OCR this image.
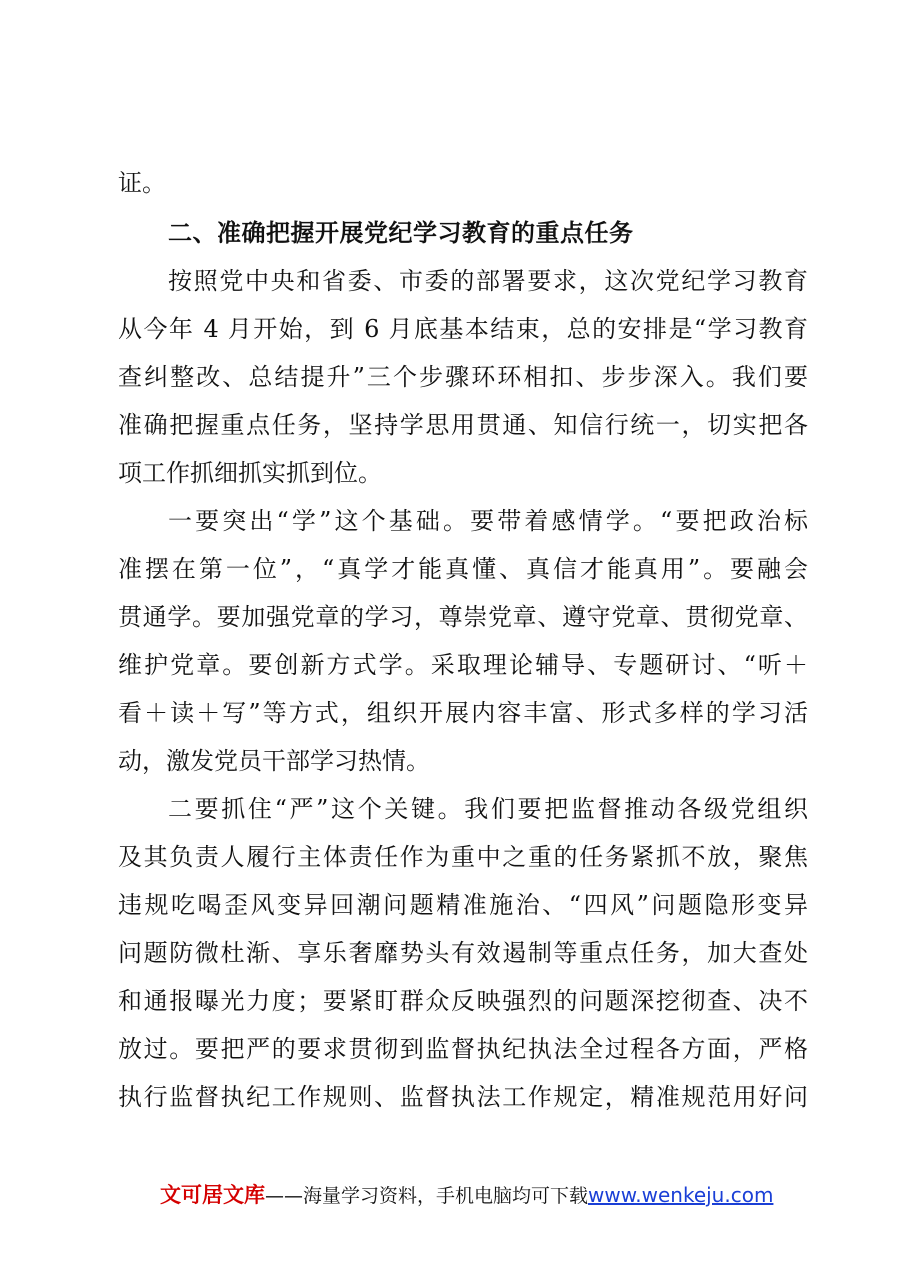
证。
二、准确把握开展党纪学习教育的重点任务
按照党中央和省委、市委的部署要求，这次党纪学习教育
从今年 4 月开始，到 6 月底基本结束，总的安排是“学习教育
查纠整改、总结提升”三个步骤环环相扣、步步深入。我们要
准确把握重点任务，坚持学思用贯通、知信行统一，切实把各
项工作抓细抓实抓到位。
一要突出“学”这个基础。要带着感情学。“要把政治标
准摆在第一位”，“真学才能真懂、真信才能真用”。要融会
贯通学。要加强党章的学习，尊崇党章、遵守党章、贯彻党章、
维护党章。要创新方式学。采取理论辅导、专题研讨、“听＋
看＋读＋写”等方式，组织开展内容丰富、形式多样的学习活
动，激发党员干部学习热情。
二要抓住“严”这个关键。我们要把监督推动各级党组织
及其负责人履行主体责任作为重中之重的任务紧抓不放，聚焦
违规吃喝歪风变异回潮问题精准施治、“四风”问题隐形变异
问题防微杜渐、享乐奢靡势头有效遏制等重点任务，加大查处
和通报曝光力度；要紧盯群众反映强烈的问题深挖彻查、决不
放过。要把严的要求贯彻到监督执纪执法全过程各方面，严格
执行监督执纪工作规则、监督执法工作规定，精准规范用好问
文可居文库——海量学习资料，手机电脑均可下载www.wenkeju.com
